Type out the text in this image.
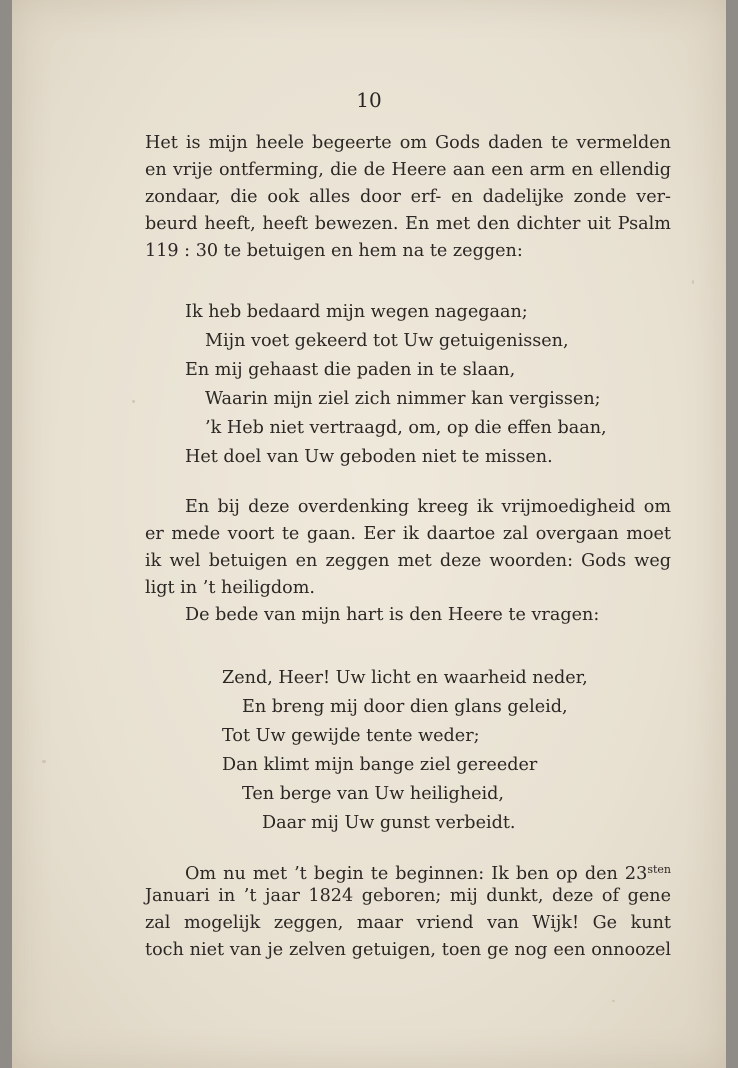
10
Het is mijn heele begeerte om Gods daden te vermelden
en vrije ontferming, die de Heere aan een arm en ellendig
zondaar, die ook alles door erf- en dadelijke zonde ver-
beurd heeft, heeft bewezen. En met den dichter uit Psalm
119 : 30 te betuigen en hem na te zeggen:
Ik heb bedaard mijn wegen nagegaan;
Mijn voet gekeerd tot Uw getuigenissen,
En mij gehaast die paden in te slaan,
Waarin mijn ziel zich nimmer kan vergissen;
’k Heb niet vertraagd, om, op die effen baan,
Het doel van Uw geboden niet te missen.
En bij deze overdenking kreeg ik vrijmoedigheid om
er mede voort te gaan. Eer ik daartoe zal overgaan moet
ik wel betuigen en zeggen met deze woorden: Gods weg
ligt in ’t heiligdom.
De bede van mijn hart is den Heere te vragen:
Zend, Heer! Uw licht en waarheid neder,
En breng mij door dien glans geleid,
Tot Uw gewijde tente weder;
Dan klimt mijn bange ziel gereeder
Ten berge van Uw heiligheid,
Daar mij Uw gunst verbeidt.
Om nu met ’t begin te beginnen: Ik ben op den $23^{sten}$
Januari in ’t jaar 1824 geboren; mij dunkt, deze of gene
zal mogelijk zeggen, maar vriend van Wijk! Ge kunt
toch niet van je zelven getuigen, toen ge nog een onnoozel
